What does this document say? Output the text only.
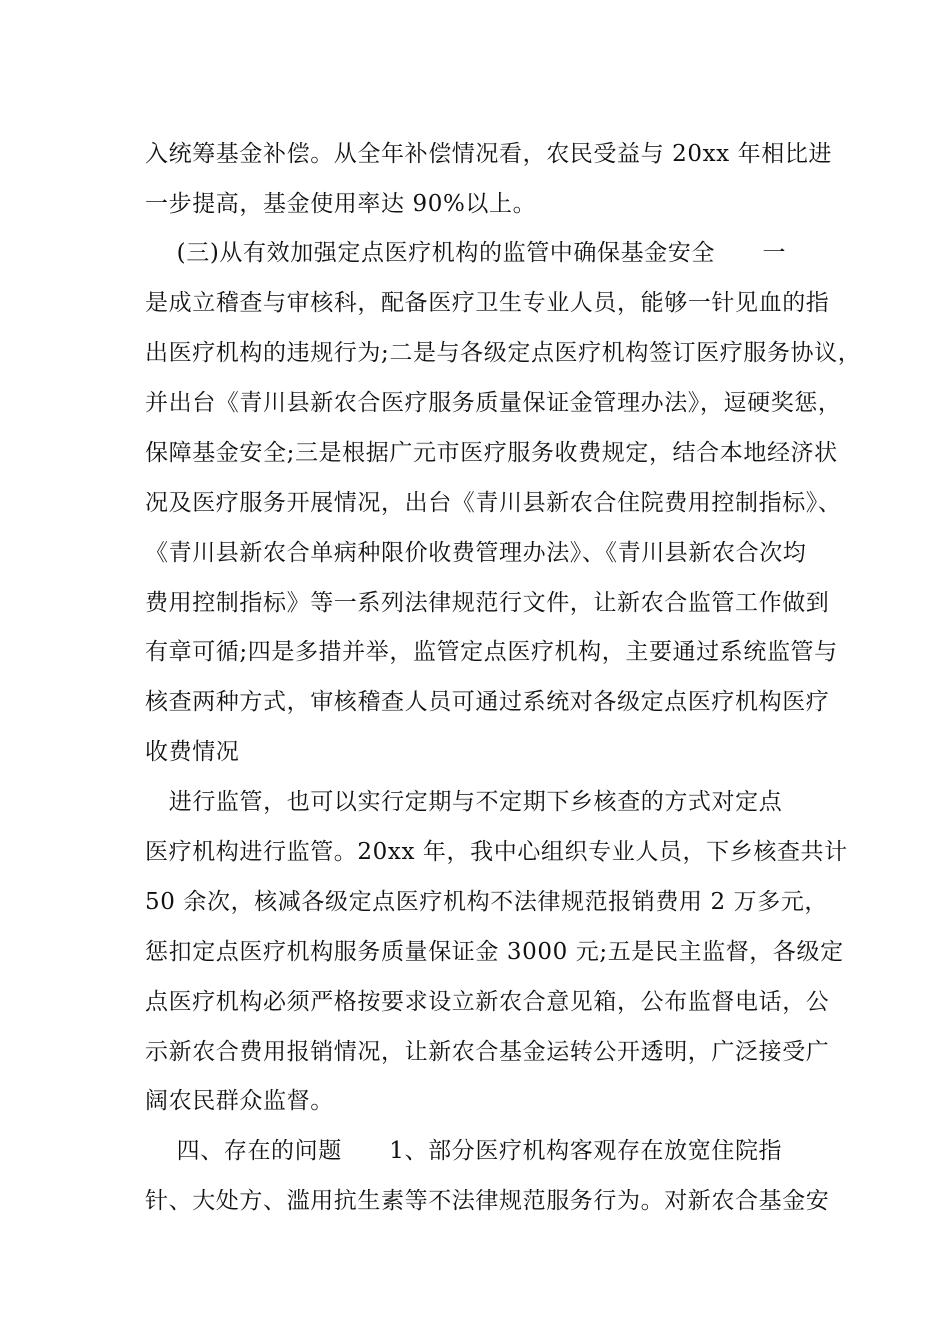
入统筹基金补偿。从全年补偿情况看，农民受益与 20xx 年相比进
一步提高，基金使用率达 90%以上。
(三)从有效加强定点医疗机构的监管中确保基金安全      一
是成立稽查与审核科，配备医疗卫生专业人员，能够一针见血的指
出医疗机构的违规行为;二是与各级定点医疗机构签订医疗服务协议，
并出台《青川县新农合医疗服务质量保证金管理办法》，逗硬奖惩，
保障基金安全;三是根据广元市医疗服务收费规定，结合本地经济状
况及医疗服务开展情况，出台《青川县新农合住院费用控制指标》、
《青川县新农合单病种限价收费管理办法》、《青川县新农合次均
费用控制指标》等一系列法律规范行文件，让新农合监管工作做到
有章可循;四是多措并举，监管定点医疗机构，主要通过系统监管与
核查两种方式，审核稽查人员可通过系统对各级定点医疗机构医疗
收费情况
进行监管，也可以实行定期与不定期下乡核查的方式对定点
医疗机构进行监管。20xx 年，我中心组织专业人员，下乡核查共计
50 余次，核减各级定点医疗机构不法律规范报销费用 2 万多元，
惩扣定点医疗机构服务质量保证金 3000 元;五是民主监督，各级定
点医疗机构必须严格按要求设立新农合意见箱，公布监督电话，公
示新农合费用报销情况，让新农合基金运转公开透明，广泛接受广
阔农民群众监督。
四、存在的问题      1、部分医疗机构客观存在放宽住院指
针、大处方、滥用抗生素等不法律规范服务行为。对新农合基金安
